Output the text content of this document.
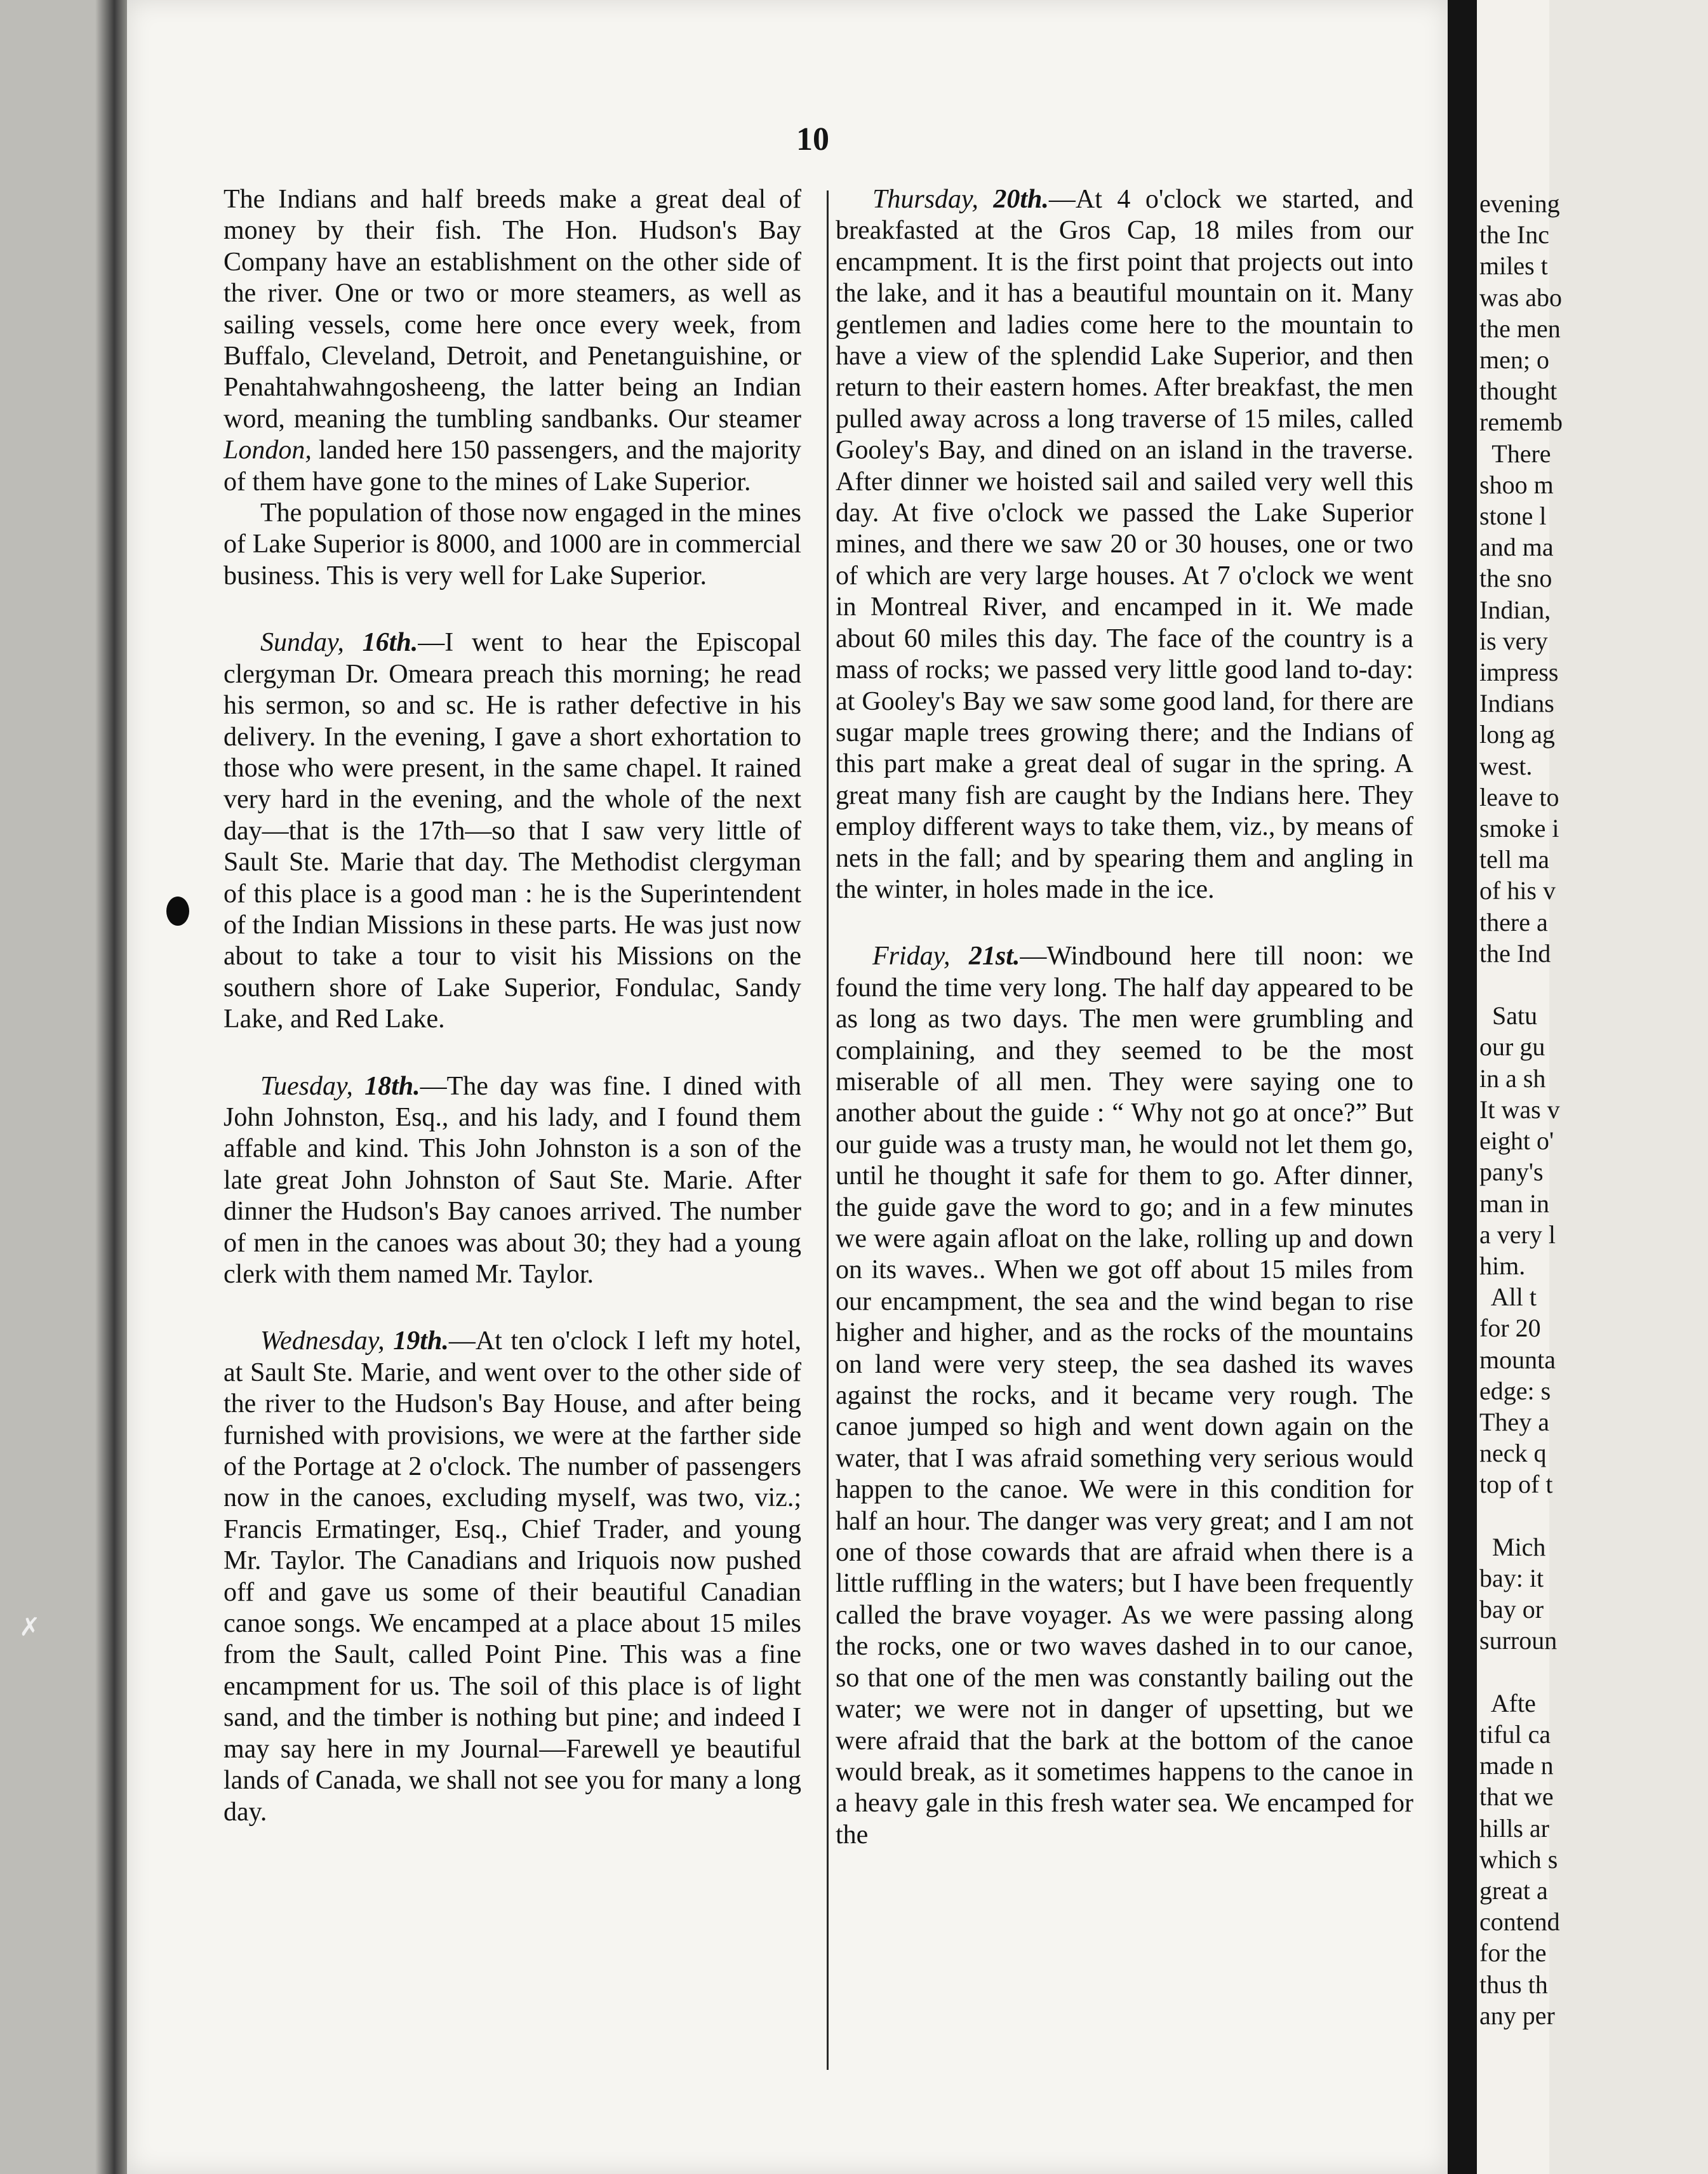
evening
the Inc
miles t
was abo
the men
men; o
thought
rememb
There
shoo m
stone l
and ma
the sno
Indian,
is very
impress
Indians
long ag
west.
leave to
smoke i
tell ma
of his v
there a
the Ind

Satu
our gu
in a sh
It was v
eight o'
pany's
man in
a very l
him.
All t
for 20
mounta
edge: s
They a
neck q
top of t

Mich
bay: it
bay or
surroun

Afte
tiful ca
made n
that we
hills ar
which s
great a
contend
for the
thus th
any per
10

The Indians and half breeds make a great deal of money by their fish. The Hon. Hudson's Bay Company have an establishment on the other side of the river. One or two or more steamers, as well as sailing vessels, come here once every week, from Buffalo, Cleveland, Detroit, and Penetanguishine, or Penahtahwahngosheeng, the latter being an Indian word, meaning the tumbling sandbanks. Our steamer London, landed here 150 passengers, and the majority of them have gone to the mines of Lake Superior.

The population of those now engaged in the mines of Lake Superior is 8000, and 1000 are in commercial business. This is very well for Lake Superior.

Sunday, 16th.—I went to hear the Episcopal clergyman Dr. Omeara preach this morning; he read his sermon, so and sc. He is rather defective in his delivery. In the evening, I gave a short exhortation to those who were present, in the same chapel. It rained very hard in the evening, and the whole of the next day—that is the 17th—so that I saw very little of Sault Ste. Marie that day. The Methodist clergyman of this place is a good man : he is the Superintendent of the Indian Missions in these parts. He was just now about to take a tour to visit his Missions on the southern shore of Lake Superior, Fondulac, Sandy Lake, and Red Lake.

Tuesday, 18th.—The day was fine. I dined with John Johnston, Esq., and his lady, and I found them affable and kind. This John Johnston is a son of the late great John Johnston of Saut Ste. Marie. After dinner the Hudson's Bay canoes arrived. The number of men in the canoes was about 30; they had a young clerk with them named Mr. Taylor.

Wednesday, 19th.—At ten o'clock I left my hotel, at Sault Ste. Marie, and went over to the other side of the river to the Hudson's Bay House, and after being furnished with provisions, we were at the farther side of the Portage at 2 o'clock. The number of passengers now in the canoes, excluding myself, was two, viz.; Francis Ermatinger, Esq., Chief Trader, and young Mr. Taylor. The Canadians and Iriquois now pushed off and gave us some of their beautiful Canadian canoe songs. We encamped at a place about 15 miles from the Sault, called Point Pine. This was a fine encampment for us. The soil of this place is of light sand, and the timber is nothing but pine; and indeed I may say here in my Journal—Farewell ye beautiful lands of Canada, we shall not see you for many a long day.

Thursday, 20th.—At 4 o'clock we started, and breakfasted at the Gros Cap, 18 miles from our encampment. It is the first point that projects out into the lake, and it has a beautiful mountain on it. Many gentlemen and ladies come here to the mountain to have a view of the splendid Lake Superior, and then return to their eastern homes. After breakfast, the men pulled away across a long traverse of 15 miles, called Gooley's Bay, and dined on an island in the traverse. After dinner we hoisted sail and sailed very well this day. At five o'clock we passed the Lake Superior mines, and there we saw 20 or 30 houses, one or two of which are very large houses. At 7 o'clock we went in Montreal River, and encamped in it. We made about 60 miles this day. The face of the country is a mass of rocks; we passed very little good land to-day: at Gooley's Bay we saw some good land, for there are sugar maple trees growing there; and the Indians of this part make a great deal of sugar in the spring. A great many fish are caught by the Indians here. They employ different ways to take them, viz., by means of nets in the fall; and by spearing them and angling in the winter, in holes made in the ice.

Friday, 21st.—Windbound here till noon: we found the time very long. The half day appeared to be as long as two days. The men were grumbling and complaining, and they seemed to be the most miserable of all men. They were saying one to another about the guide : “ Why not go at once?” But our guide was a trusty man, he would not let them go, until he thought it safe for them to go. After dinner, the guide gave the word to go; and in a few minutes we were again afloat on the lake, rolling up and down on its waves.. When we got off about 15 miles from our encampment, the sea and the wind began to rise higher and higher, and as the rocks of the mountains on land were very steep, the sea dashed its waves against the rocks, and it became very rough. The canoe jumped so high and went down again on the water, that I was afraid something very serious would happen to the canoe. We were in this condition for half an hour. The danger was very great; and I am not one of those cowards that are afraid when there is a little ruffling in the waters; but I have been frequently called the brave voyager. As we were passing along the rocks, one or two waves dashed in to our canoe, so that one of the men was constantly bailing out the water; we were not in danger of upsetting, but we were afraid that the bark at the bottom of the canoe would break, as it sometimes happens to the canoe in a heavy gale in this fresh water sea. We encamped for the

✗
